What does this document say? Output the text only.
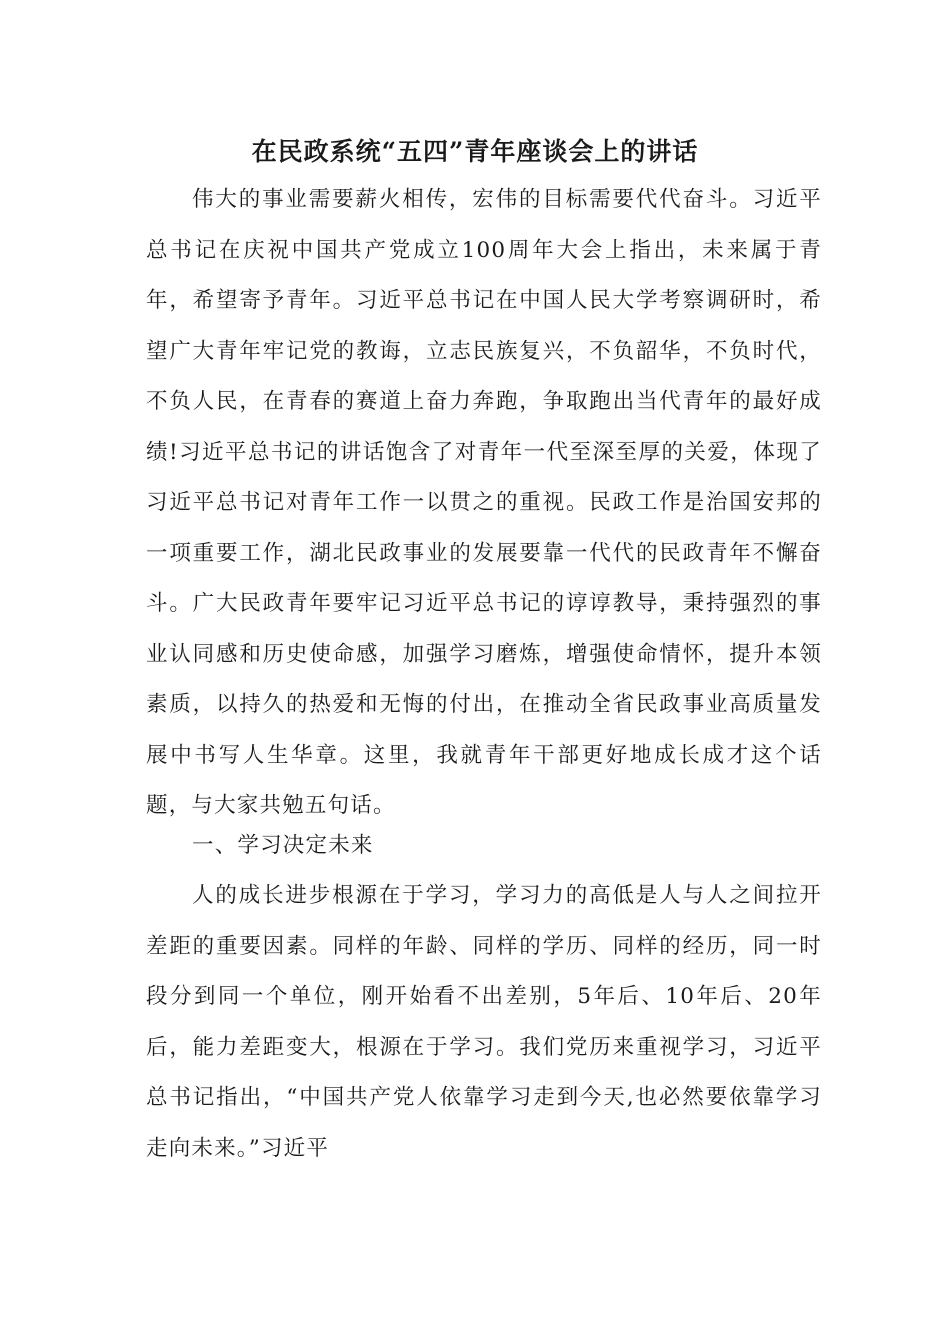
在民政系统“五四”青年座谈会上的讲话

伟大的事业需要薪火相传，宏伟的目标需要代代奋斗。习近平总书记在庆祝中国共产党成立100周年大会上指出，未来属于青年，希望寄予青年。习近平总书记在中国人民大学考察调研时，希望广大青年牢记党的教诲，立志民族复兴，不负韶华，不负时代，不负人民，在青春的赛道上奋力奔跑，争取跑出当代青年的最好成绩!习近平总书记的讲话饱含了对青年一代至深至厚的关爱，体现了习近平总书记对青年工作一以贯之的重视。民政工作是治国安邦的一项重要工作，湖北民政事业的发展要靠一代代的民政青年不懈奋斗。广大民政青年要牢记习近平总书记的谆谆教导，秉持强烈的事业认同感和历史使命感，加强学习磨炼，增强使命情怀，提升本领素质，以持久的热爱和无悔的付出，在推动全省民政事业高质量发展中书写人生华章。这里，我就青年干部更好地成长成才这个话题，与大家共勉五句话。

一、学习决定未来

人的成长进步根源在于学习，学习力的高低是人与人之间拉开差距的重要因素。同样的年龄、同样的学历、同样的经历，同一时段分到同一个单位，刚开始看不出差别，5年后、10年后、20年后，能力差距变大，根源在于学习。我们党历来重视学习，习近平总书记指出，“中国共产党人依靠学习走到今天,也必然要依靠学习走向未来。”习近平
